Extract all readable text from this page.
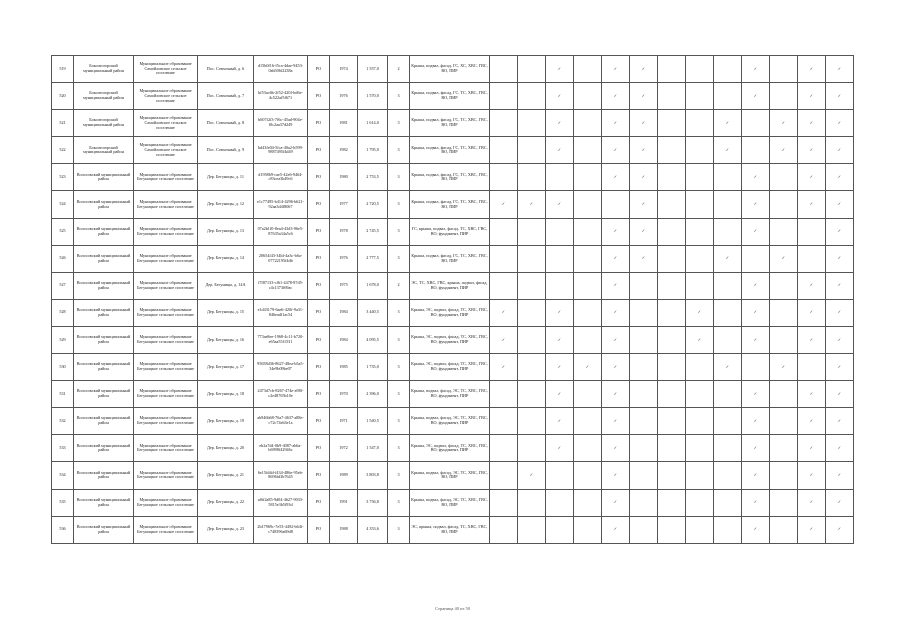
519	Бокситогорский муниципальный район	Муниципальное образование Самойловское сельское поселение	Пос. Совхозный, д. 6	d15b0f16-f5ca-4dae-9453-0ab506f2238a	РО	1974	1 557,0	2	Крыша, подвал, фасад, ГС, ХС, ХВС, ГВС, ВО, ПИР			✓		✓	✓				✓		✓	✓
520	Бокситогорский муниципальный район	Муниципальное образование Самойловское сельское поселение	Пос. Совхозный, д. 7	bf53ac6b-2f52-420f-bd6e-4c522af5f671	РО	1976	1 570,0	3	Крыша, подвал, фасад, ГС, ТС, ХВС, ГВС, ВО, ПИР			✓		✓	✓				✓		✓	✓
521	Бокситогорский муниципальный район	Муниципальное образование Самойловское сельское поселение	Пос. Совхозный, д. 8	b607f2f3-7f6c-45ad-904e-f0c2aa37d249	РО	1981	1 614,0	3	Крыша, подвал, фасад, ГС, ТС, ХВС, ГВС, ВО, ПИР			✓		✓	✓			✓		✓	✓	✓
522	Бокситогорский муниципальный район	Муниципальное образование Самойловское сельское поселение	Пос. Совхозный, д. 9	bd43fe04-5fca-40a2-b599-9887495f4d49	РО	1982	1 795,0	3	Крыша, подвал, фасад, ГС, ТС, ХВС, ГВС, ВО, ПИР			✓		✓	✓			✓		✓	✓	✓
523	Волосовский муниципальный район	Муниципальное образование Бегуницкое сельское поселение	Дер. Бегуницы, д. 11	d195869-cae5-42e6-9464-c83cea3b49c6	РО	1980	2 753,5	3	Крыша, подвал, фасад, ГС, ТС, ХВС, ГВС, ВО, ПИР					✓	✓				✓		✓	✓
524	Волосовский муниципальный район	Муниципальное образование Бегуницкое сельское поселение	Дер. Бегуницы, д. 12	e1c77495-b414-4296-b621-92aa3d4f8067	РО	1977	2 720,5	3	Крыша, подвал, фасад, ГС, ТС, ХВС, ГВС, ВО, ПИР	✓	✓	✓			✓				✓		✓	✓
525	Волосовский муниципальный район	Муниципальное образование Бегуницкое сельское поселение	Дер. Бегуницы, д. 13	07a2b1f0-8ea4-43d3-96e5-87635a34a5c6	РО	1978	2 745,5	3	ГС, крыша, подвал, фасад, ТС, ХВС, ГВС, ВО, фундамент, ПИР					✓	✓				✓			✓
526	Волосовский муниципальный район	Муниципальное образование Бегуницкое сельское поселение	Дер. Бегуницы, д. 14	20654f43-34bf-4a3c-b6a-07722195f4db	РО	1976	2 777,5	3	Крыша, подвал, фасад, ГС, ТС, ХВС, ГВС, ВО, ПИР					✓	✓			✓		✓		✓
527	Волосовский муниципальный район	Муниципальное образование Бегуницкое сельское поселение	Дер. Бегуницы, д. 14А	f7f87133-cf61-4478-87d5-c4c1373f69ac	РО	1975	1 678,0	2	ЭС, ТС, ХВС, ГВС, крыша, подвал, фасад, ВО, фундамент, ПИР					✓					✓		✓	✓
528	Волосовский муниципальный район	Муниципальное образование Бегуницкое сельское поселение	Дер. Бегуницы, д. 15	e1d43179-6ae6-420f-9a31-846eadf1ac54	РО	1984	3 440,5	3	Крыша, ЭС, подвал, фасад, ТС, ХВС, ГВС, ВО, фундамент, ПИР	✓		✓		✓			✓		✓		✓	✓
529	Волосовский муниципальный район	Муниципальное образование Бегуницкое сельское поселение	Дер. Бегуницы, д. 16	773ae8ee-1968-4c11-b720-e65aa55f1531	РО	1984	4 095,5	3	Крыша, ЭС, подвал, фасад, ТС, ХВС, ГВС, ВО, фундамент, ПИР	✓		✓		✓			✓		✓		✓	✓
530	Волосовский муниципальный район	Муниципальное образование Бегуницкое сельское поселение	Дер. Бегуницы, д. 17	95658d36-8627-48ea-b5a5-34e9b09be07	РО	1985	1 735,0	3	Крыша, ЭС, подвал, фасад, ТС, ХВС, ГВС, ВО, фундамент, ПИР	✓		✓	✓	✓				✓		✓		✓
531	Волосовский муниципальный район	Муниципальное образование Бегуницкое сельское поселение	Дер. Бегуницы, д. 18	2473d7cb-8267-474e-a98f-c2e48765b10e	РО	1970	2 396,0	3	Крыша, подвал, фасад, ЭС, ТС, ХВС, ГВС, ВО, фундамент, ПИР			✓		✓					✓		✓	✓
532	Волосовский муниципальный район	Муниципальное образование Бегуницкое сельское поселение	Дер. Бегуницы, д. 19	ab946b68-76a7-4637-a88e-c72c74eb3e1a	РО	1971	1 540,5	3	Крыша, подвал, фасад, ЭС, ТС, ХВС, ГВС, ВО, фундамент, ПИР			✓		✓					✓		✓	✓
533	Волосовский муниципальный район	Муниципальное образование Бегуницкое сельское поселение	Дер. Бегуницы, д. 20	eb2a7d4-0b9-4087-ab6a-b6998f42946c	РО	1972	1 547,0	3	Крыша, ЭС, подвал, фасад, ТС, ХВС, ГВС, ВО, фундамент, ПИР			✓		✓					✓		✓	✓
534	Волосовский муниципальный район	Муниципальное образование Бегуницкое сельское поселение	Дер. Бегуницы, д. 21	6e15fd4d-f434-486e-95eb-8696fd3b7645	РО	1989	3 803,8	3	Крыша, подвал, фасад, ЭС, ТС, ХВС, ГВС, ВО, ПИР		✓			✓					✓		✓	✓
535	Волосовский муниципальный район	Муниципальное образование Бегуницкое сельское поселение	Дер. Бегуницы, д. 22	af6f2a85-9d04-4627-9033-5815e3b5f93d	РО	1991	3 756,8	3	Крыша, подвал, фасад, ЭС, ТС, ХВС, ГВС, ВО, ПИР					✓					✓		✓	✓
536	Волосовский муниципальный район	Муниципальное образование Бегуницкое сельское поселение	Дер. Бегуницы, д. 23	2b17969c-7e53-4492-b64f-c748396a69d8	РО	1988	4 353,6	3	ЭС, крыша, подвал, фасад, ТС, ХВС, ГВС, ВО, ПИР					✓					✓		✓	✓
Страница 40 из 50
